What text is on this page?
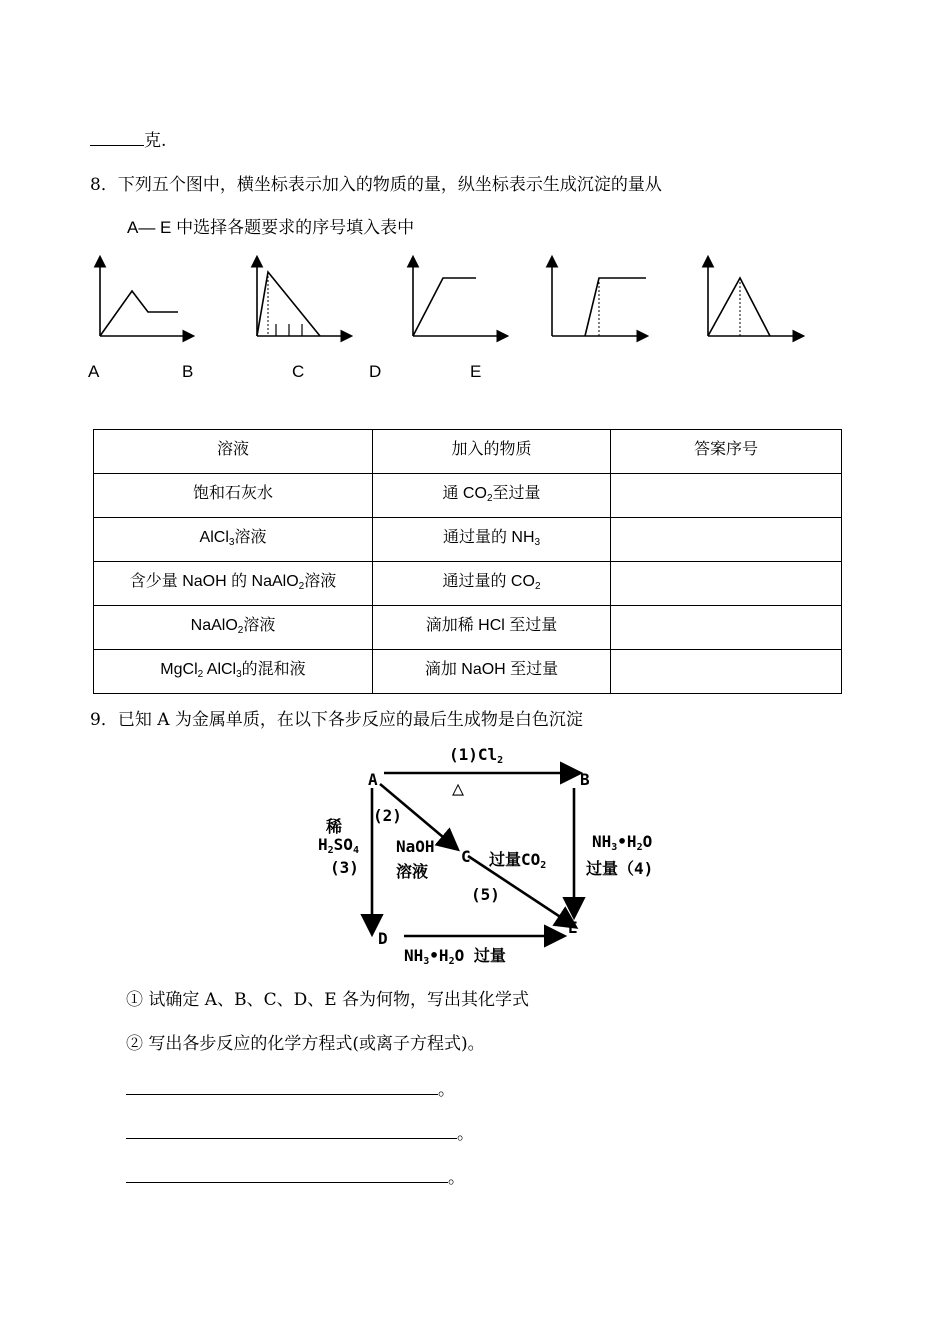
克.
8．下列五个图中，横坐标表示加入的物质的量，纵坐标表示生成沉淀的量从
A— E 中选择各题要求的序号填入表中
A	B	C	D	E
溶液	加入的物质	答案序号
饱和石灰水	通 $CO_2$至过量	
AlCl$_3$溶液	通过量的 $NH_3$	
含少量 NaOH 的 NaAlO$_2$溶液	通过量的 $CO_2$	
NaAlO$_2$溶液	滴加稀 HCl 至过量	
MgCl$_2$ AlCl$_3$的混和液	滴加 NaOH 至过量	
9．已知 A 为金属单质，在以下各步反应的最后生成物是白色沉淀
A	B
C
D
E
$(1)Cl_2$
△
(2)
NaOH
溶液
稀
$H_2SO_4$
(3)
$NH_3•H_2O$
过量（4)
过量$CO_2$
(5)
$NH_3•H_2O$ 过量
① 试确定 A、B、C、D、E 各为何物，写出其化学式
② 写出各步反应的化学方程式(或离子方程式)。
。
。
。
